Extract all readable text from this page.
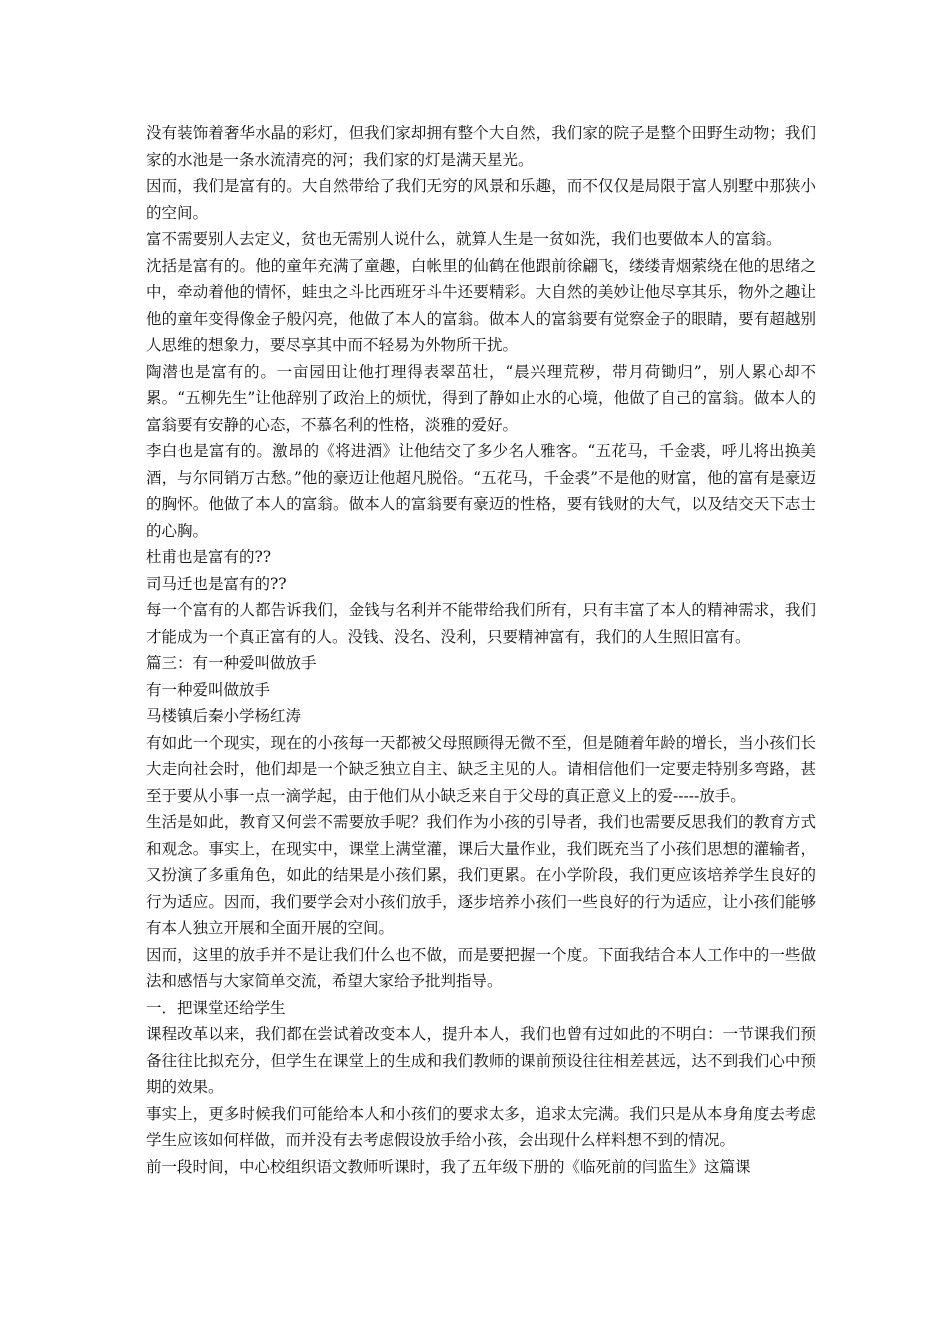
没有装饰着奢华水晶的彩灯，但我们家却拥有整个大自然，我们家的院子是整个田野生动物；我们家的水池是一条水流清亮的河；我们家的灯是满天星光。

因而，我们是富有的。大自然带给了我们无穷的风景和乐趣，而不仅仅是局限于富人别墅中那狭小的空间。

富不需要别人去定义，贫也无需别人说什么，就算人生是一贫如洗，我们也要做本人的富翁。

沈括是富有的。他的童年充满了童趣，白帐里的仙鹤在他跟前徐翩飞，缕缕青烟萦绕在他的思绪之中，牵动着他的情怀，蛙虫之斗比西班牙斗牛还要精彩。大自然的美妙让他尽享其乐，物外之趣让他的童年变得像金子般闪亮，他做了本人的富翁。做本人的富翁要有觉察金子的眼睛，要有超越别人思维的想象力，要尽享其中而不轻易为外物所干扰。

陶潜也是富有的。一亩园田让他打理得表翠茁壮，“晨兴理荒秽，带月荷锄归”，别人累心却不累。“五柳先生”让他辞别了政治上的烦忧，得到了静如止水的心境，他做了自己的富翁。做本人的富翁要有安静的心态，不慕名利的性格，淡雅的爱好。

李白也是富有的。激昂的《将进酒》让他结交了多少名人雅客。“五花马，千金裘，呼儿将出换美酒，与尔同销万古愁。”他的豪迈让他超凡脱俗。“五花马，千金裘”不是他的财富，他的富有是豪迈的胸怀。他做了本人的富翁。做本人的富翁要有豪迈的性格，要有钱财的大气，以及结交天下志士的心胸。

杜甫也是富有的??

司马迁也是富有的??

每一个富有的人都告诉我们，金钱与名利并不能带给我们所有，只有丰富了本人的精神需求，我们才能成为一个真正富有的人。没钱、没名、没利，只要精神富有，我们的人生照旧富有。

篇三：有一种爱叫做放手

有一种爱叫做放手

马楼镇后秦小学杨红涛

有如此一个现实，现在的小孩每一天都被父母照顾得无微不至，但是随着年龄的增长，当小孩们长大走向社会时，他们却是一个缺乏独立自主、缺乏主见的人。请相信他们一定要走特别多弯路，甚至于要从小事一点一滴学起，由于他们从小缺乏来自于父母的真正意义上的爱-----放手。

生活是如此，教育又何尝不需要放手呢？我们作为小孩的引导者，我们也需要反思我们的教育方式和观念。事实上，在现实中，课堂上满堂灌，课后大量作业，我们既充当了小孩们思想的灌输者，又扮演了多重角色，如此的结果是小孩们累，我们更累。在小学阶段，我们更应该培养学生良好的行为适应。因而，我们要学会对小孩们放手，逐步培养小孩们一些良好的行为适应，让小孩们能够有本人独立开展和全面开展的空间。

因而，这里的放手并不是让我们什么也不做，而是要把握一个度。下面我结合本人工作中的一些做法和感悟与大家简单交流，希望大家给予批判指导。

一．把课堂还给学生

课程改革以来，我们都在尝试着改变本人，提升本人，我们也曾有过如此的不明白：一节课我们预备往往比拟充分，但学生在课堂上的生成和我们教师的课前预设往往相差甚远，达不到我们心中预期的效果。

事实上，更多时候我们可能给本人和小孩们的要求太多，追求太完满。我们只是从本身角度去考虑学生应该如何样做，而并没有去考虑假设放手给小孩，会出现什么样料想不到的情况。

前一段时间，中心校组织语文教师听课时，我了五年级下册的《临死前的闫监生》这篇课
